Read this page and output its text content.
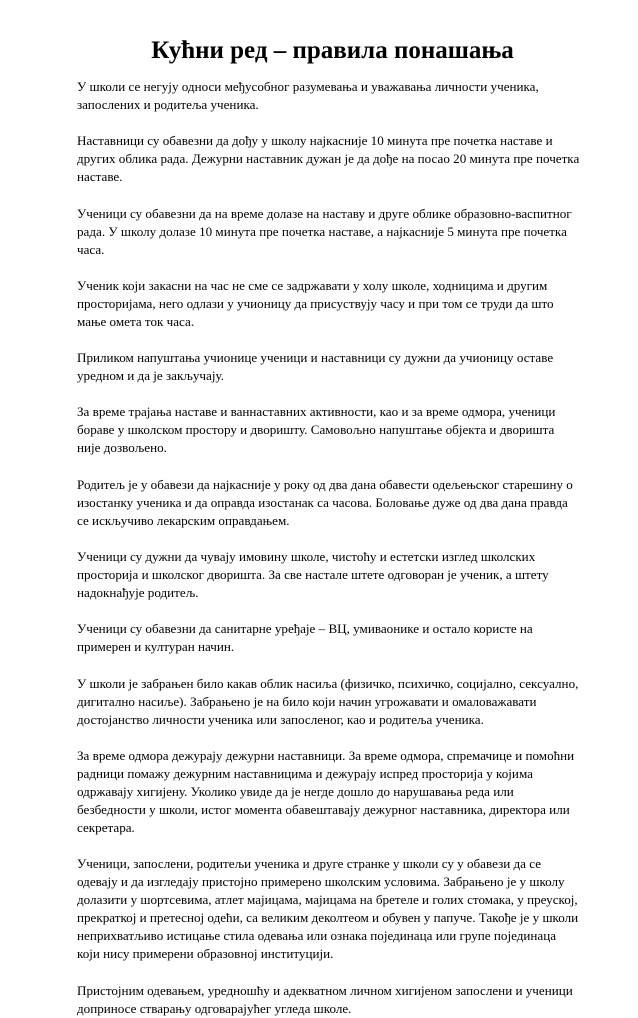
Кућни ред – правила понашања

У школи се негују односи међусобног разумевања и уважавања личности ученика, запослених и родитеља ученика.

Наставници су обавезни да дођу у школу најкасније 10 минута пре почетка наставе и других облика рада. Дежурни наставник дужан је да дође на посао 20 минута пре почетка наставе.

Ученици су обавезни да на време долазе на наставу и друге облике образовно-васпитног рада. У школу долазе 10 минута пре почетка наставе, а најкасније 5 минута пре почетка часа.

Ученик који закасни на час не сме се задржавати у холу школе, ходницима и другим просторијама, него одлази у учионицу да присуствују часу и при том се труди да што мање омета ток часа.

Приликом напуштања учионице ученици и наставници су дужни да учионицу оставе уредном и да је закључају.

За време трајања наставе и ваннаставних активности, као и за време одмора, ученици бораве у школском простору и дворишту. Самовољно напуштање објекта и дворишта није дозвољено.

Родитељ је у обавези да најкасније у року од два дана обавести одељењског старешину о изостанку ученика и да оправда изостанак са часова. Боловање дуже од два дана правда се искључиво лекарским оправдањем.

Ученици су дужни да чувају имовину школе, чистоћу и естетски изглед школских просторија и школског дворишта. За све настале штете одговоран је ученик, а штету надокнађује родитељ.

Ученици су обавезни да санитарне уређаје – ВЦ, умиваонике и остало користе на примерен и културан начин.

У школи је забрањен било какав облик насиља (физичко, психичко, социјално, сексуално, дигитално насиље). Забрањено је на било који начин угрожавати и омаловажавати достојанство личности ученика или запосленог, као и родитеља ученика.

За време одмора дежурају дежурни наставници. За време одмора, спремачице и помоћни радници помажу дежурним наставницима и дежурају испред просторија у којима одржавају хигијену. Уколико увиде да је негде дошло до нарушавања реда или безбедности у школи, истог момента обавештавају дежурног наставника, директора или секретара.

Ученици, запослени, родитељи ученика и друге странке у школи су у обавези да се одевају и да изгледају пристојно примерено школским условима. Забрањено је у школу долазити у шортсевима, атлет мајицама, мајицама на бретеле и голих стомака, у преуској, прекраткој и претесној одећи, са великим деколтеом и обувен у папуче. Такође је у школи неприхватљиво истицање стила одевања или ознака појединаца или групе појединаца који нису примерени образовној институцији.

Пристојним одевањем, уредношћу и адекватном личном хигијеном запослени и ученици доприносе стварању одговарајућег угледа школе.
